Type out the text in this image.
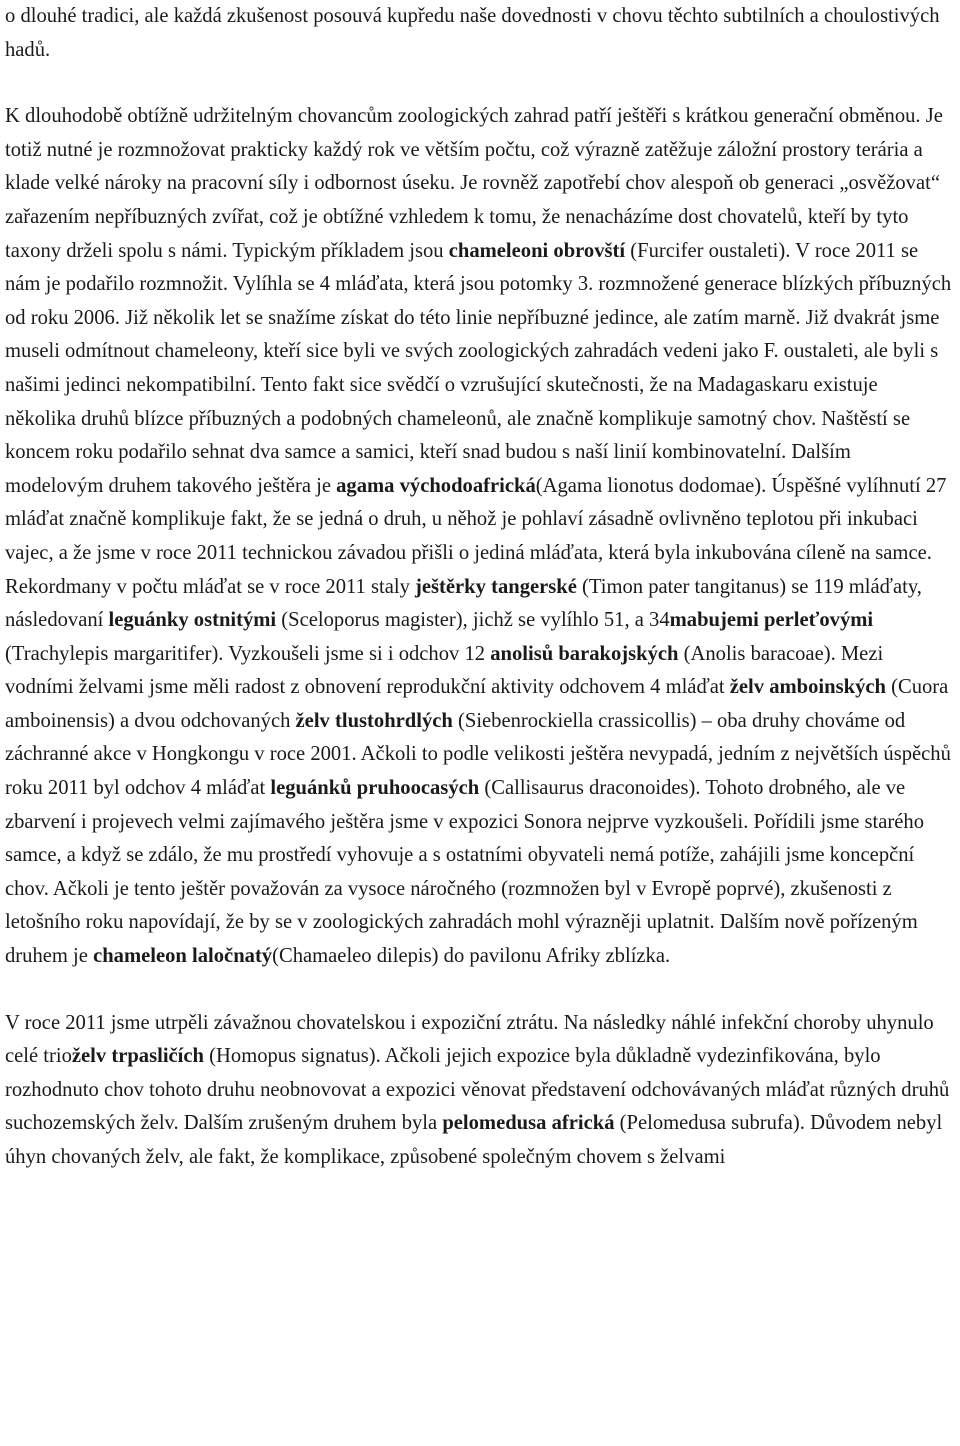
o dlouhé tradici, ale každá zkušenost posouvá kupředu naše dovednosti v chovu těchto subtilních a choulostivých hadů.

K dlouhodobě obtížně udržitelným chovancům zoologických zahrad patří ještěři s krátkou generační obměnou. Je totiž nutné je rozmnožovat prakticky každý rok ve větším počtu, což výrazně zatěžuje záložní prostory terária a klade velké nároky na pracovní síly i odbornost úseku. Je rovněž zapotřebí chov alespoň ob generaci „osvěžovat“ zařazením nepříbuzných zvířat, což je obtížné vzhledem k tomu, že nenacházíme dost chovatelů, kteří by tyto taxony drželi spolu s námi. Typickým příkladem jsou chameleoni obrovští (Furcifer oustaleti). V roce 2011 se nám je podařilo rozmnožit. Vylíhla se 4 mláďata, která jsou potomky 3. rozmnožené generace blízkých příbuzných od roku 2006. Již několik let se snažíme získat do této linie nepříbuzné jedince, ale zatím marně. Již dvakrát jsme museli odmítnout chameleony, kteří sice byli ve svých zoologických zahradách vedeni jako F. oustaleti, ale byli s našimi jedinci nekompatibilní. Tento fakt sice svědčí o vzrušující skutečnosti, že na Madagaskaru existuje několika druhů blízce příbuzných a podobných chameleonů, ale značně komplikuje samotný chov. Naštěstí se koncem roku podařilo sehnat dva samce a samici, kteří snad budou s naší linií kombinovatelní. Dalším modelovým druhem takového ještěra je agama východoafrická(Agama lionotus dodomae). Úspěšné vylíhnutí 27 mláďat značně komplikuje fakt, že se jedná o druh, u něhož je pohlaví zásadně ovlivněno teplotou při inkubaci vajec, a že jsme v roce 2011 technickou závadou přišli o jediná mláďata, která byla inkubována cíleně na samce. Rekordmany v počtu mláďat se v roce 2011 staly ještěrky tangerské (Timon pater tangitanus) se 119 mláďaty, následovaní leguánky ostnitými (Sceloporus magister), jichž se vylíhlo 51, a 34mabujemi perleťovými (Trachylepis margaritifer). Vyzkoušeli jsme si i odchov 12 anolisů barakojských (Anolis baracoae). Mezi vodními želvami jsme měli radost z obnovení reprodukční aktivity odchovem 4 mláďat želv amboinských (Cuora amboinensis) a dvou odchovaných želv tlustohrdlých (Siebenrockiella crassicollis) – oba druhy chováme od záchranné akce v Hongkongu v roce 2001. Ačkoli to podle velikosti ještěra nevypadá, jedním z největších úspěchů roku 2011 byl odchov 4 mláďat leguánků pruhoocasých (Callisaurus draconoides). Tohoto drobného, ale ve zbarvení i projevech velmi zajímavého ještěra jsme v expozici Sonora nejprve vyzkoušeli. Pořídili jsme starého samce, a když se zdálo, že mu prostředí vyhovuje a s ostatními obyvateli nemá potíže, zahájili jsme koncepční chov. Ačkoli je tento ještěr považován za vysoce náročného (rozmnožen byl v Evropě poprvé), zkušenosti z letošního roku napovídají, že by se v zoologických zahradách mohl výrazněji uplatnit. Dalším nově pořízeným druhem je chameleon laločnatý(Chamaeleo dilepis) do pavilonu Afriky zblízka.

V roce 2011 jsme utrpěli závažnou chovatelskou i expoziční ztrátu. Na následky náhlé infekční choroby uhynulo celé trioželv trpasličích (Homopus signatus). Ačkoli jejich expozice byla důkladně vydezinfikována, bylo rozhodnuto chov tohoto druhu neobnovovat a expozici věnovat představení odchovávaných mláďat různých druhů suchozemských želv. Dalším zrušeným druhem byla pelomedusa africká (Pelomedusa subrufa). Důvodem nebyl úhyn chovaných želv, ale fakt, že komplikace, způsobené společným chovem s želvami
